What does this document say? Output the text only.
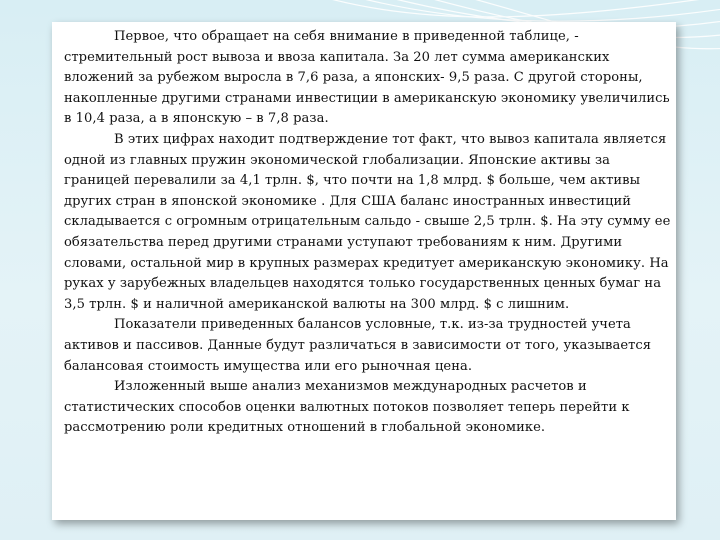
Первое, что обращает на себя внимание в приведенной таблице, - стремительный рост вывоза и ввоза капитала. За 20 лет сумма американских вложений за рубежом выросла в 7,6 раза, а японских- 9,5 раза. С другой стороны, накопленные другими странами инвестиции в американскую экономику увеличились в 10,4 раза, а в японскую – в 7,8 раза.

В этих цифрах находит подтверждение тот факт, что вывоз капитала является одной из главных пружин экономической глобализации. Японские активы за границей перевалили за 4,1 трлн. $, что почти на 1,8 млрд. $ больше, чем активы других стран в японской экономике . Для США баланс иностранных инвестиций складывается с огромным отрицательным сальдо - свыше 2,5 трлн. $. На эту сумму ее обязательства перед другими странами уступают требованиям к ним. Другими словами, остальной мир в крупных размерах кредитует американскую экономику. На руках у зарубежных владельцев находятся только государственных ценных бумаг на 3,5 трлн. $ и наличной американской валюты на 300 млрд. $ с лишним.

Показатели приведенных балансов условные, т.к. из-за трудностей учета активов и пассивов. Данные будут различаться в зависимости от того, указывается балансовая стоимость имущества или его рыночная цена.

Изложенный выше анализ механизмов международных расчетов и статистических способов оценки валютных потоков позволяет теперь перейти к рассмотрению роли кредитных отношений в глобальной экономике.
